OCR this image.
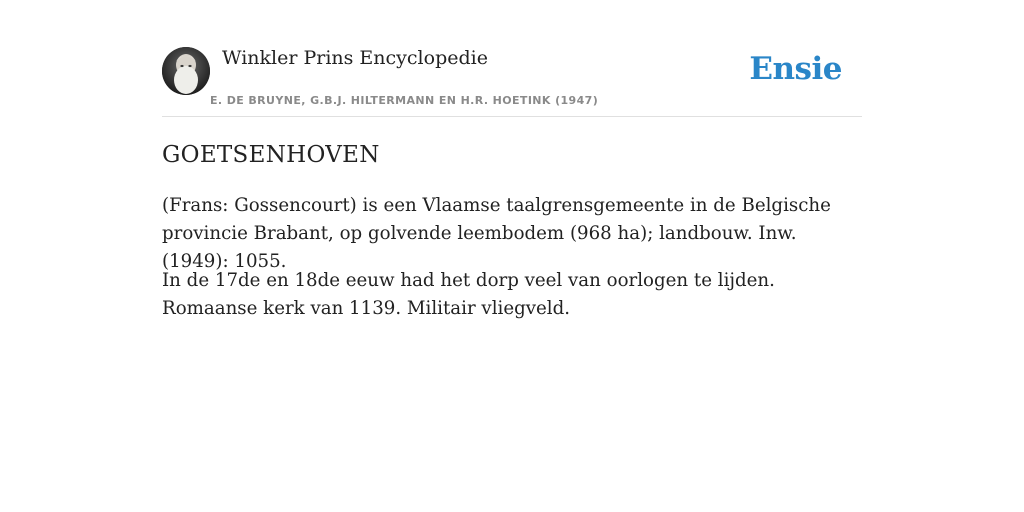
Winkler Prins Encyclopedie
E. DE BRUYNE, G.B.J. HILTERMANN EN H.R. HOETINK (1947)
Ensie
GOETSENHOVEN

(Frans: Gossencourt) is een Vlaamse taalgrensgemeente in de Belgische provincie Brabant, op golvende leembodem (968 ha); landbouw. Inw. (1949): 1055.

In de 17de en 18de eeuw had het dorp veel van oorlogen te lijden. Romaanse kerk van 1139. Militair vliegveld.
